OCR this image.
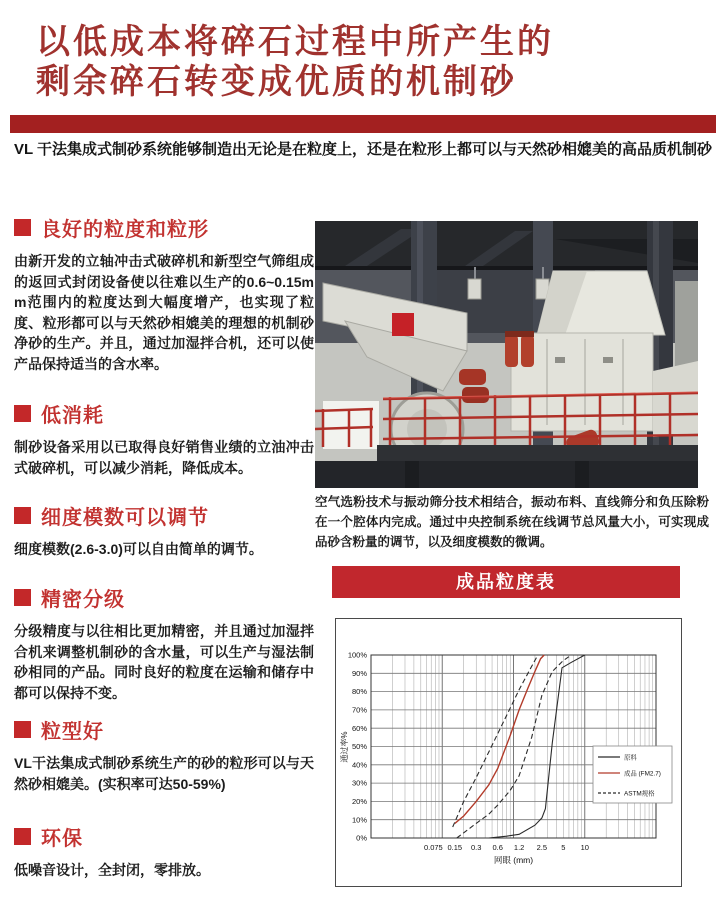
以低成本将碎石过程中所产生的
剩余碎石转变成优质的机制砂
VL 干法集成式制砂系统能够制造出无论是在粒度上，还是在粒形上都可以与天然砂相媲美的高品质机制砂
良好的粒度和粒形
由新开发的立轴冲击式破碎机和新型空气筛组成的返回式封闭设备使以往难以生产的0.6~0.15mm范围内的粒度达到大幅度增产，也实现了粒度、粒形都可以与天然砂相媲美的理想的机制砂净砂的生产。并且，通过加湿拌合机，还可以使产品保持适当的含水率。
低消耗
制砂设备采用以已取得良好销售业绩的立油冲击式破碎机，可以减少消耗，降低成本。
细度模数可以调节
细度模数(2.6-3.0)可以自由简单的调节。
精密分级
分级精度与以往相比更加精密，并且通过加湿拌合机来调整机制砂的含水量，可以生产与湿法制砂相同的产品。同时良好的粒度在运输和储存中都可以保持不变。
粒型好
VL干法集成式制砂系统生产的砂的粒形可以与天然砂相媲美。(实积率可达50-59%)
环保
低噪音设计，全封闭，零排放。
空气选粉技术与振动筛分技术相结合，振动布料、直线筛分和负压除粉在一个腔体内完成。通过中央控制系统在线调节总风量大小，可实现成品砂含粉量的调节，以及细度模数的微调。
成品粒度表
0%
10%
20%
30%
40%
50%
60%
70%
80%
90%
100%
0.075 0.15 0.3 0.6 1.2 2.5 5 10
通过率%
网眼 (mm)
原料
成品 (FM2.7)
ASTM规格
